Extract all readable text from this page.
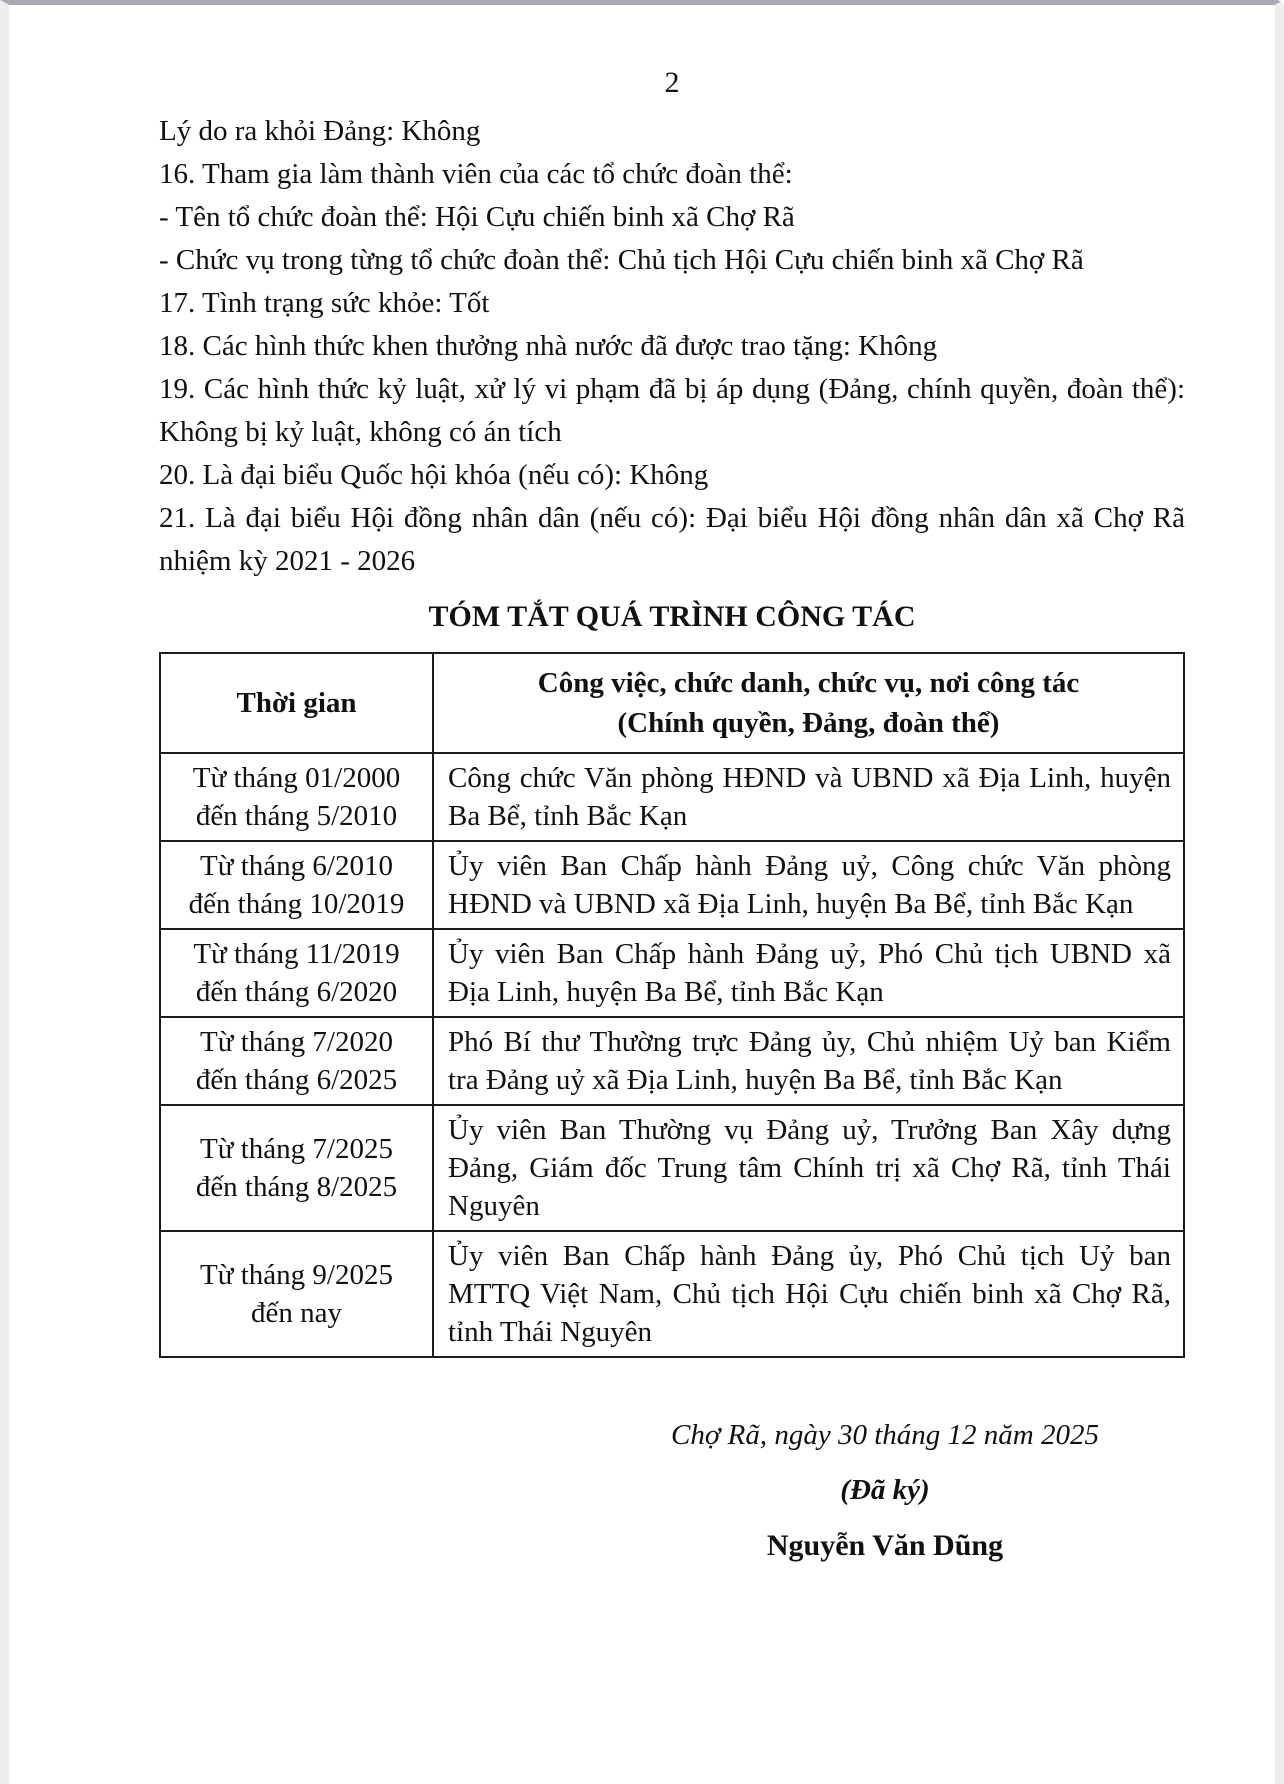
2

Lý do ra khỏi Đảng: Không

16. Tham gia làm thành viên của các tổ chức đoàn thể:

- Tên tổ chức đoàn thể: Hội Cựu chiến binh xã Chợ Rã

- Chức vụ trong từng tổ chức đoàn thể: Chủ tịch Hội Cựu chiến binh xã Chợ Rã

17. Tình trạng sức khỏe: Tốt

18. Các hình thức khen thưởng nhà nước đã được trao tặng: Không

19. Các hình thức kỷ luật, xử lý vi phạm đã bị áp dụng (Đảng, chính quyền, đoàn thể): Không bị kỷ luật, không có án tích

20. Là đại biểu Quốc hội khóa (nếu có): Không

21. Là đại biểu Hội đồng nhân dân (nếu có): Đại biểu Hội đồng nhân dân xã Chợ Rã nhiệm kỳ 2021 - 2026

TÓM TẮT QUÁ TRÌNH CÔNG TÁC
Thời gian	Công việc, chức danh, chức vụ, nơi công tác
(Chính quyền, Đảng, đoàn thể)

Từ tháng 01/2000
đến tháng 5/2010	Công chức Văn phòng HĐND và UBND xã Địa Linh, huyện Ba Bể, tỉnh Bắc Kạn

Từ tháng 6/2010
đến tháng 10/2019	Ủy viên Ban Chấp hành Đảng uỷ, Công chức Văn phòng HĐND và UBND xã Địa Linh, huyện Ba Bể, tỉnh Bắc Kạn

Từ tháng 11/2019
đến tháng 6/2020	Ủy viên Ban Chấp hành Đảng uỷ, Phó Chủ tịch UBND xã Địa Linh, huyện Ba Bể, tỉnh Bắc Kạn

Từ tháng 7/2020
đến tháng 6/2025	Phó Bí thư Thường trực Đảng ủy, Chủ nhiệm Uỷ ban Kiểm tra Đảng uỷ xã Địa Linh, huyện Ba Bể, tỉnh Bắc Kạn

Từ tháng 7/2025
đến tháng 8/2025	Ủy viên Ban Thường vụ Đảng uỷ, Trưởng Ban Xây dựng Đảng, Giám đốc Trung tâm Chính trị xã Chợ Rã, tỉnh Thái Nguyên

Từ tháng 9/2025
đến nay	Ủy viên Ban Chấp hành Đảng ủy, Phó Chủ tịch Uỷ ban MTTQ Việt Nam, Chủ tịch Hội Cựu chiến binh xã Chợ Rã, tỉnh Thái Nguyên

Chợ Rã, ngày 30 tháng 12 năm 2025

(Đã ký)

Nguyễn Văn Dũng
